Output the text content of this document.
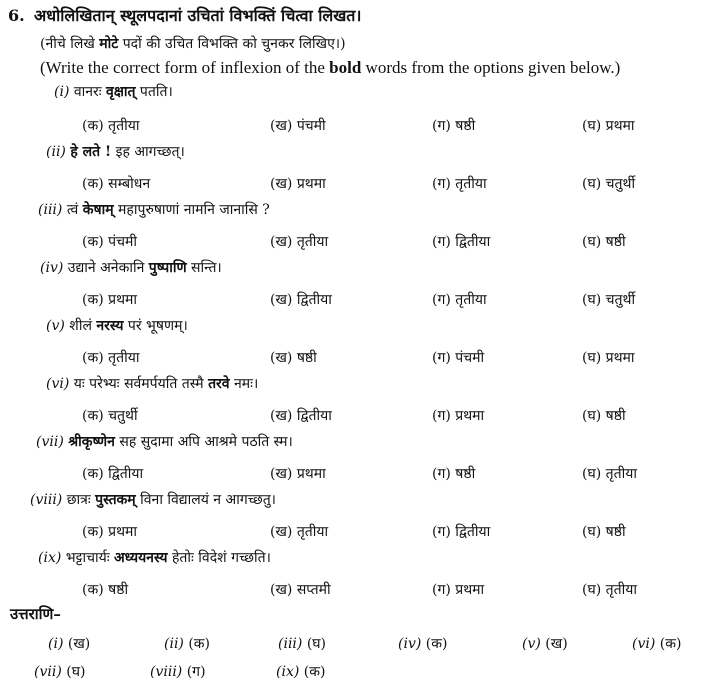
6. अधोलिखितान् स्थूलपदानां उचितां विभक्तिं चित्वा लिखत।
(नीचे लिखे मोटे पदों की उचित विभक्ति को चुनकर लिखिए।)
(Write the correct form of inflexion of the bold words from the options given below.)
(i) वानरः वृक्षात् पतति।
(क) तृतीया	(ख) पंचमी	(ग) षष्ठी	(घ) प्रथमा
(ii) हे लते ! इह आगच्छत्।
(क) सम्बोधन	(ख) प्रथमा	(ग) तृतीया	(घ) चतुर्थी
(iii) त्वं केषाम् महापुरुषाणां नामनि जानासि ?
(क) पंचमी	(ख) तृतीया	(ग) द्वितीया	(घ) षष्ठी
(iv) उद्याने अनेकानि पुष्पाणि सन्ति।
(क) प्रथमा	(ख) द्वितीया	(ग) तृतीया	(घ) चतुर्थी
(v) शीलं नरस्य परं भूषणम्।
(क) तृतीया	(ख) षष्ठी	(ग) पंचमी	(घ) प्रथमा
(vi) यः परेभ्यः सर्वमर्पयति तस्मै तरवे नमः।
(क) चतुर्थी	(ख) द्वितीया	(ग) प्रथमा	(घ) षष्ठी
(vii) श्रीकृष्णेन सह सुदामा अपि आश्रमे पठति स्म।
(क) द्वितीया	(ख) प्रथमा	(ग) षष्ठी	(घ) तृतीया
(viii) छात्रः पुस्तकम् विना विद्यालयं न आगच्छतु।
(क) प्रथमा	(ख) तृतीया	(ग) द्वितीया	(घ) षष्ठी
(ix) भट्टाचार्यः अध्ययनस्य हेतोः विदेशं गच्छति।
(क) षष्ठी	(ख) सप्तमी	(ग) प्रथमा	(घ) तृतीया
उत्तराणि–
(i) (ख)	(ii) (क)	(iii) (घ)	(iv) (क)	(v) (ख)	(vi) (क)
(vii) (घ)	(viii) (ग)	(ix) (क)
